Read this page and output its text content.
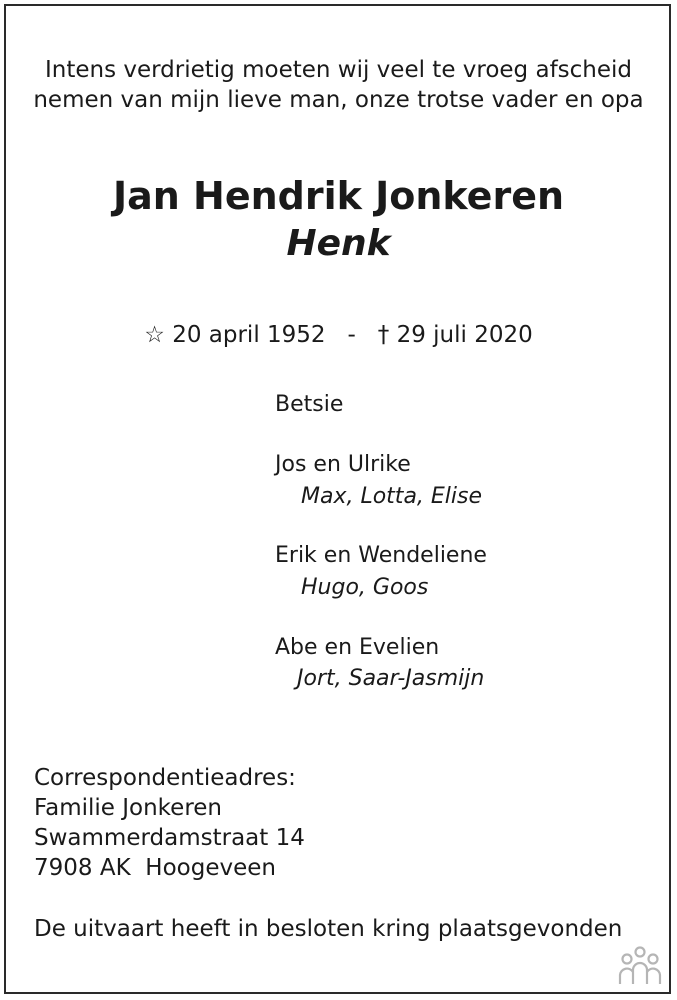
Intens verdrietig moeten wij veel te vroeg afscheid
nemen van mijn lieve man, onze trotse vader en opa
Jan Hendrik Jonkeren
Henk
☆ 20 april 1952 - † 29 juli 2020
Betsie
Jos en Ulrike
Max, Lotta, Elise
Erik en Wendeliene
Hugo, Goos
Abe en Evelien
Jort, Saar-Jasmijn
Correspondentieadres:
Familie Jonkeren
Swammerdamstraat 14
7908 AK  Hoogeveen
De uitvaart heeft in besloten kring plaatsgevonden
